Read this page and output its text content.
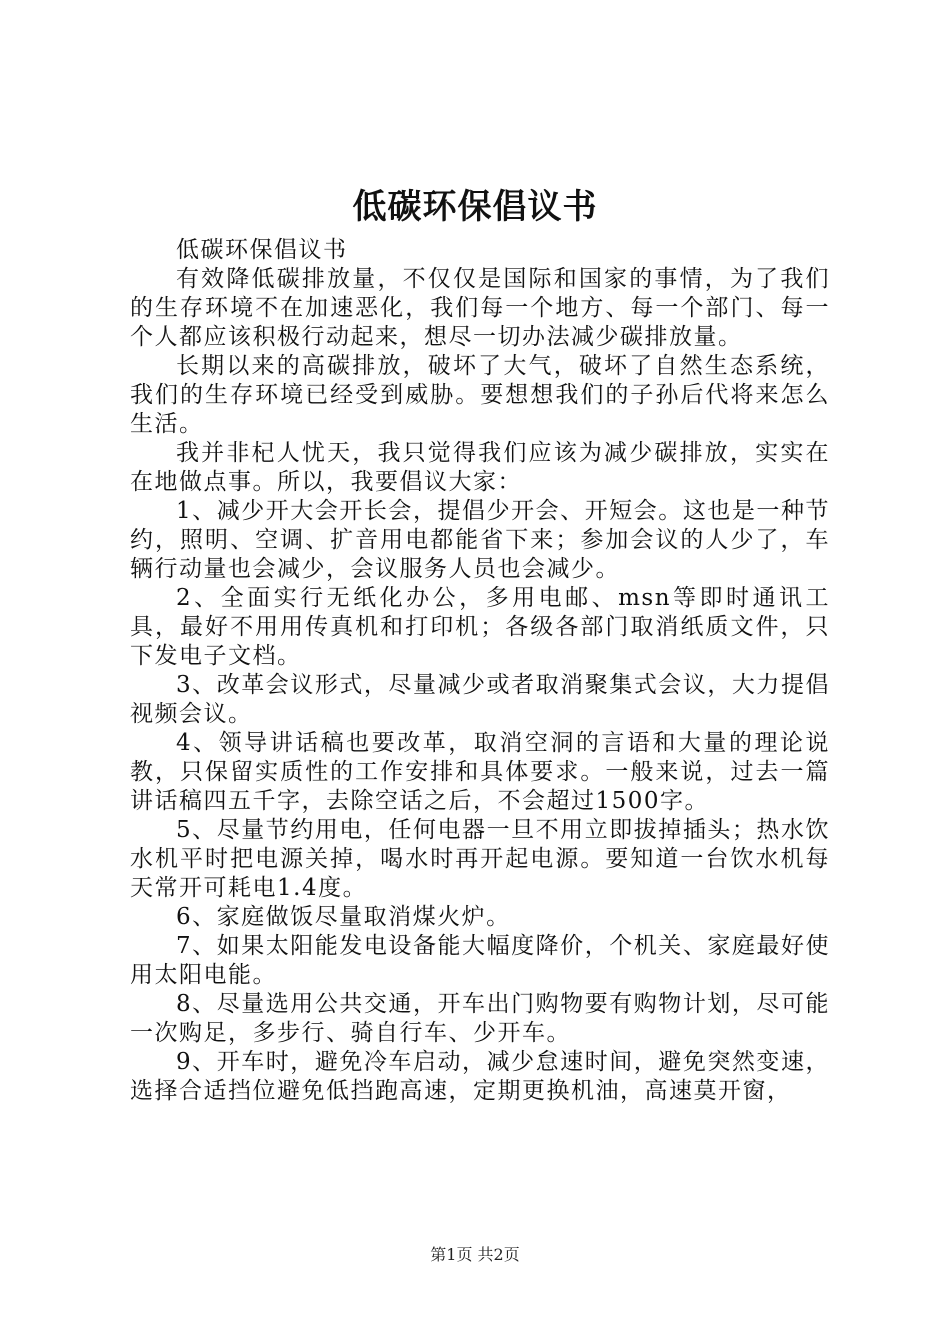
低碳环保倡议书

低碳环保倡议书

有效降低碳排放量，不仅仅是国际和国家的事情，为了我们的生存环境不在加速恶化，我们每一个地方、每一个部门、每一个人都应该积极行动起来，想尽一切办法减少碳排放量。

长期以来的高碳排放，破坏了大气，破坏了自然生态系统，我们的生存环境已经受到威胁。要想想我们的子孙后代将来怎么生活。

我并非杞人忧天，我只觉得我们应该为减少碳排放，实实在在地做点事。所以，我要倡议大家：

1、减少开大会开长会，提倡少开会、开短会。这也是一种节约，照明、空调、扩音用电都能省下来；参加会议的人少了，车辆行动量也会减少，会议服务人员也会减少。

2、全面实行无纸化办公，多用电邮、msn等即时通讯工具，最好不用用传真机和打印机；各级各部门取消纸质文件，只下发电子文档。

3、改革会议形式，尽量减少或者取消聚集式会议，大力提倡视频会议。

4、领导讲话稿也要改革，取消空洞的言语和大量的理论说教，只保留实质性的工作安排和具体要求。一般来说，过去一篇讲话稿四五千字，去除空话之后，不会超过1500字。

5、尽量节约用电，任何电器一旦不用立即拔掉插头；热水饮水机平时把电源关掉，喝水时再开起电源。要知道一台饮水机每天常开可耗电1.4度。

6、家庭做饭尽量取消煤火炉。

7、如果太阳能发电设备能大幅度降价，个机关、家庭最好使用太阳电能。

8、尽量选用公共交通，开车出门购物要有购物计划，尽可能一次购足，多步行、骑自行车、少开车。

9、开车时，避免冷车启动，减少怠速时间，避免突然变速，选择合适挡位避免低挡跑高速，定期更换机油，高速莫开窗，

第1页 共2页
